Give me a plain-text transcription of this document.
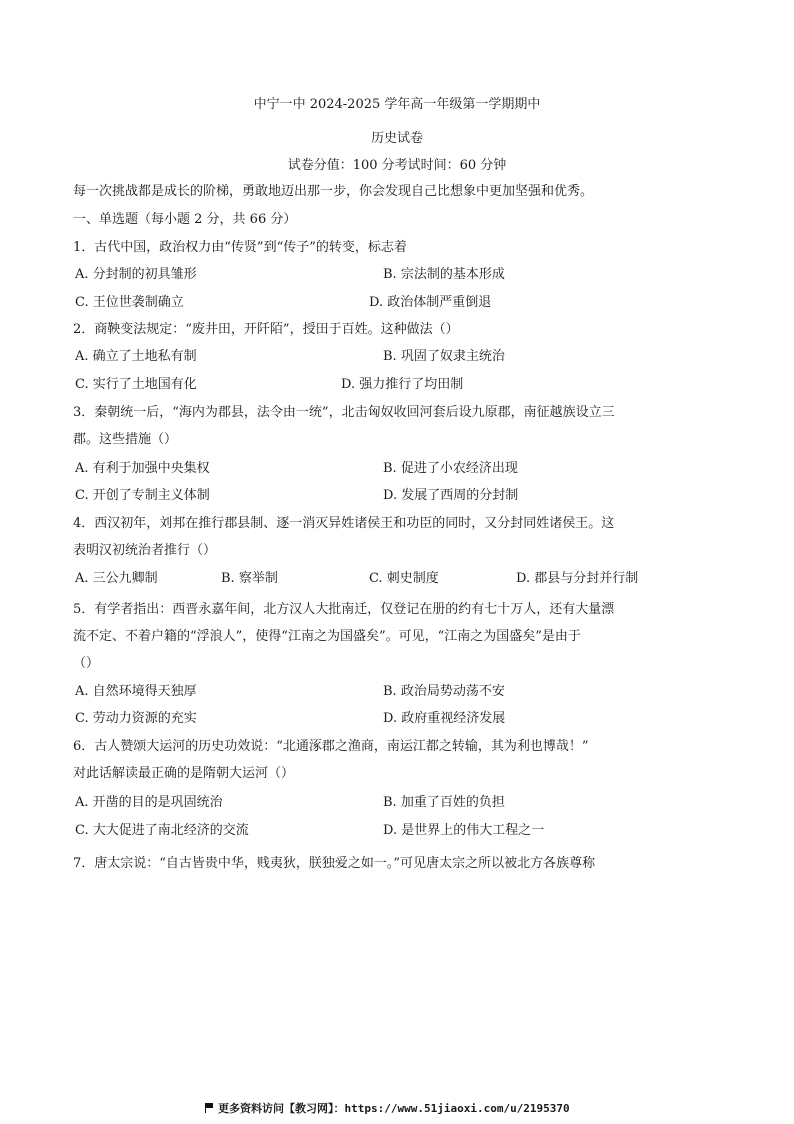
中宁一中 2024-2025 学年高一年级第一学期期中
历史试卷
试卷分值：100 分考试时间：60 分钟
每一次挑战都是成长的阶梯，勇敢地迈出那一步，你会发现自己比想象中更加坚强和优秀。
一、单选题（每小题 2 分，共 66 分）
1．古代中国，政治权力由“传贤”到“传子”的转变，标志着
A. 分封制的初具雏形	B. 宗法制的基本形成
C. 王位世袭制确立	D. 政治体制严重倒退
2．商鞅变法规定：“废井田，开阡陌”，授田于百姓。这种做法（）
A. 确立了土地私有制	B. 巩固了奴隶主统治
C. 实行了土地国有化	D. 强力推行了均田制
3．秦朝统一后，“海内为郡县，法令由一统”，北击匈奴收回河套后设九原郡，南征越族设立三
郡。这些措施（）
A. 有利于加强中央集权	B. 促进了小农经济出现
C. 开创了专制主义体制	D. 发展了西周的分封制
4．西汉初年，刘邦在推行郡县制、逐一消灭异姓诸侯王和功臣的同时，又分封同姓诸侯王。这
表明汉初统治者推行（）
A. 三公九卿制	B. 察举制	C. 刺史制度	D. 郡县与分封并行制
5．有学者指出：西晋永嘉年间，北方汉人大批南迁，仅登记在册的约有七十万人，还有大量漂
流不定、不着户籍的“浮浪人”，使得“江南之为国盛矣”。可见，“江南之为国盛矣”是由于
（）
A. 自然环境得天独厚	B. 政治局势动荡不安
C. 劳动力资源的充实	D. 政府重视经济发展
6．古人赞颂大运河的历史功效说：“北通涿郡之渔商，南运江都之转输，其为利也博哉！”
对此话解读最正确的是隋朝大运河（）
A. 开凿的目的是巩固统治	B. 加重了百姓的负担
C. 大大促进了南北经济的交流	D. 是世界上的伟大工程之一
7．唐太宗说：“自古皆贵中华，贱夷狄，朕独爱之如一。”可见唐太宗之所以被北方各族尊称
更多资料访问【教习网】：https://www.51jiaoxi.com/u/2195370
